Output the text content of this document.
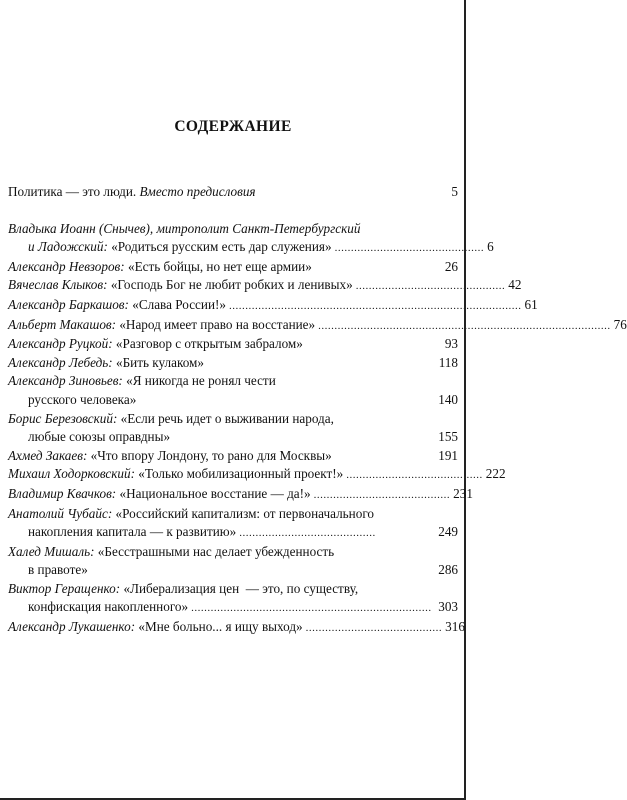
СОДЕРЖАНИЕ
Политика — это люди. Вместо предисловия	5
Владыка Иоанн (Снычев), митрополит Санкт-Петербургский
и Ладожский: «Родиться русским есть дар служения» .............................................. 6
Александр Невзоров: «Есть бойцы, но нет еще армии»	26
Вячеслав Клыков: «Господь Бог не любит робких и ленивых» .............................................. 42
Александр Баркашов: «Слава России!» .......................................................................................... 61
Альберт Макашов: «Народ имеет право на восстание» .......................................................................................... 76
Александр Руцкой: «Разговор с открытым забралом»	93
Александр Лебедь: «Бить кулаком»	118
Александр Зиновьев: «Я никогда не ронял чести
русского человека»	140
Борис Березовский: «Если речь идет о выживании народа,
любые союзы оправдны»	155
Ахмед Закаев: «Что впору Лондону, то рано для Москвы»	191
Михаил Ходорковский: «Только мобилизационный проект!» .......................................... 222
Владимир Квачков: «Национальное восстание — да!» .......................................... 231
Анатолий Чубайс: «Российский капитализм: от первоначального
накопления капитала — к развитию» ..........................................	249
Халед Мишаль: «Бесстрашными нас делает убежденность
в правоте»	286
Виктор Геращенко: «Либерализация цен  — это, по существу,
конфискация накопленного» .......................................................................... 303
Александр Лукашенко: «Мне больно... я ищу выход» .......................................... 316
